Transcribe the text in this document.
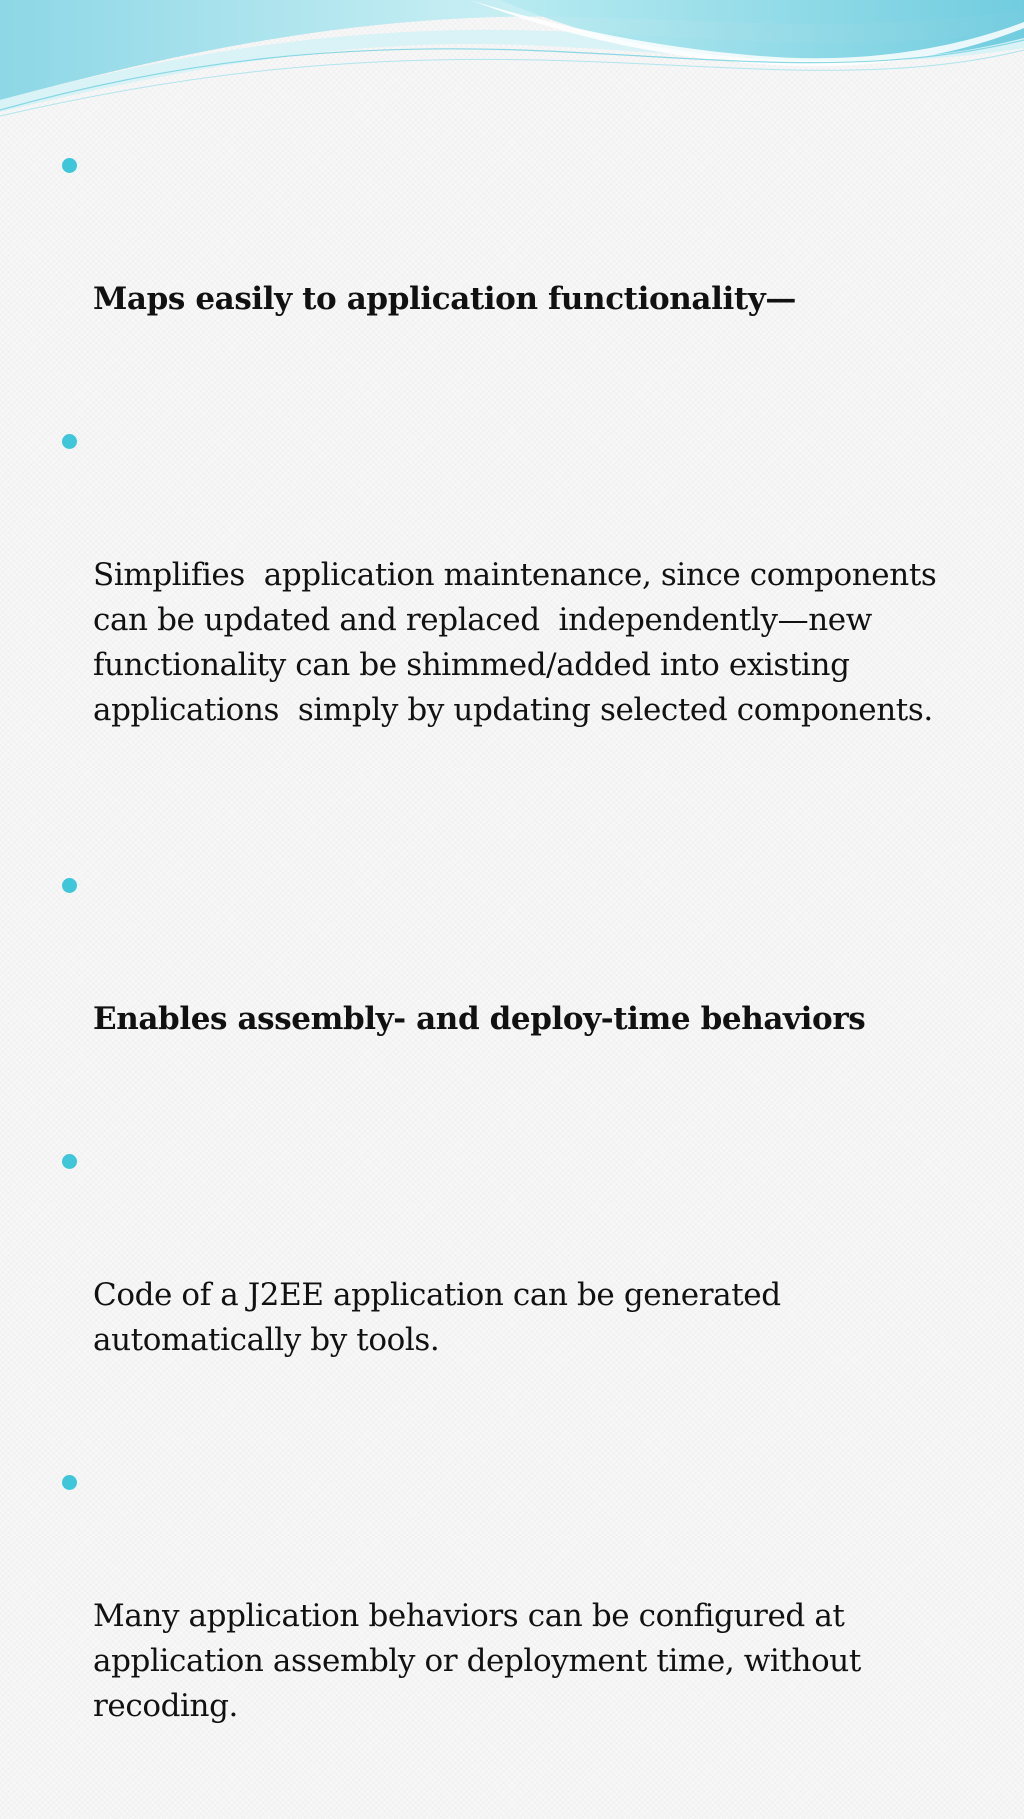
Maps easily to application functionality—

Simplifies  application maintenance, since components can be updated and replaced  independently—new functionality can be shimmed/added into existing applications  simply by updating selected components.

Enables assembly- and deploy-time behaviors

Code of a J2EE application can be generated automatically by tools.

Many application behaviors can be configured at application assembly or deployment time, without recoding.
